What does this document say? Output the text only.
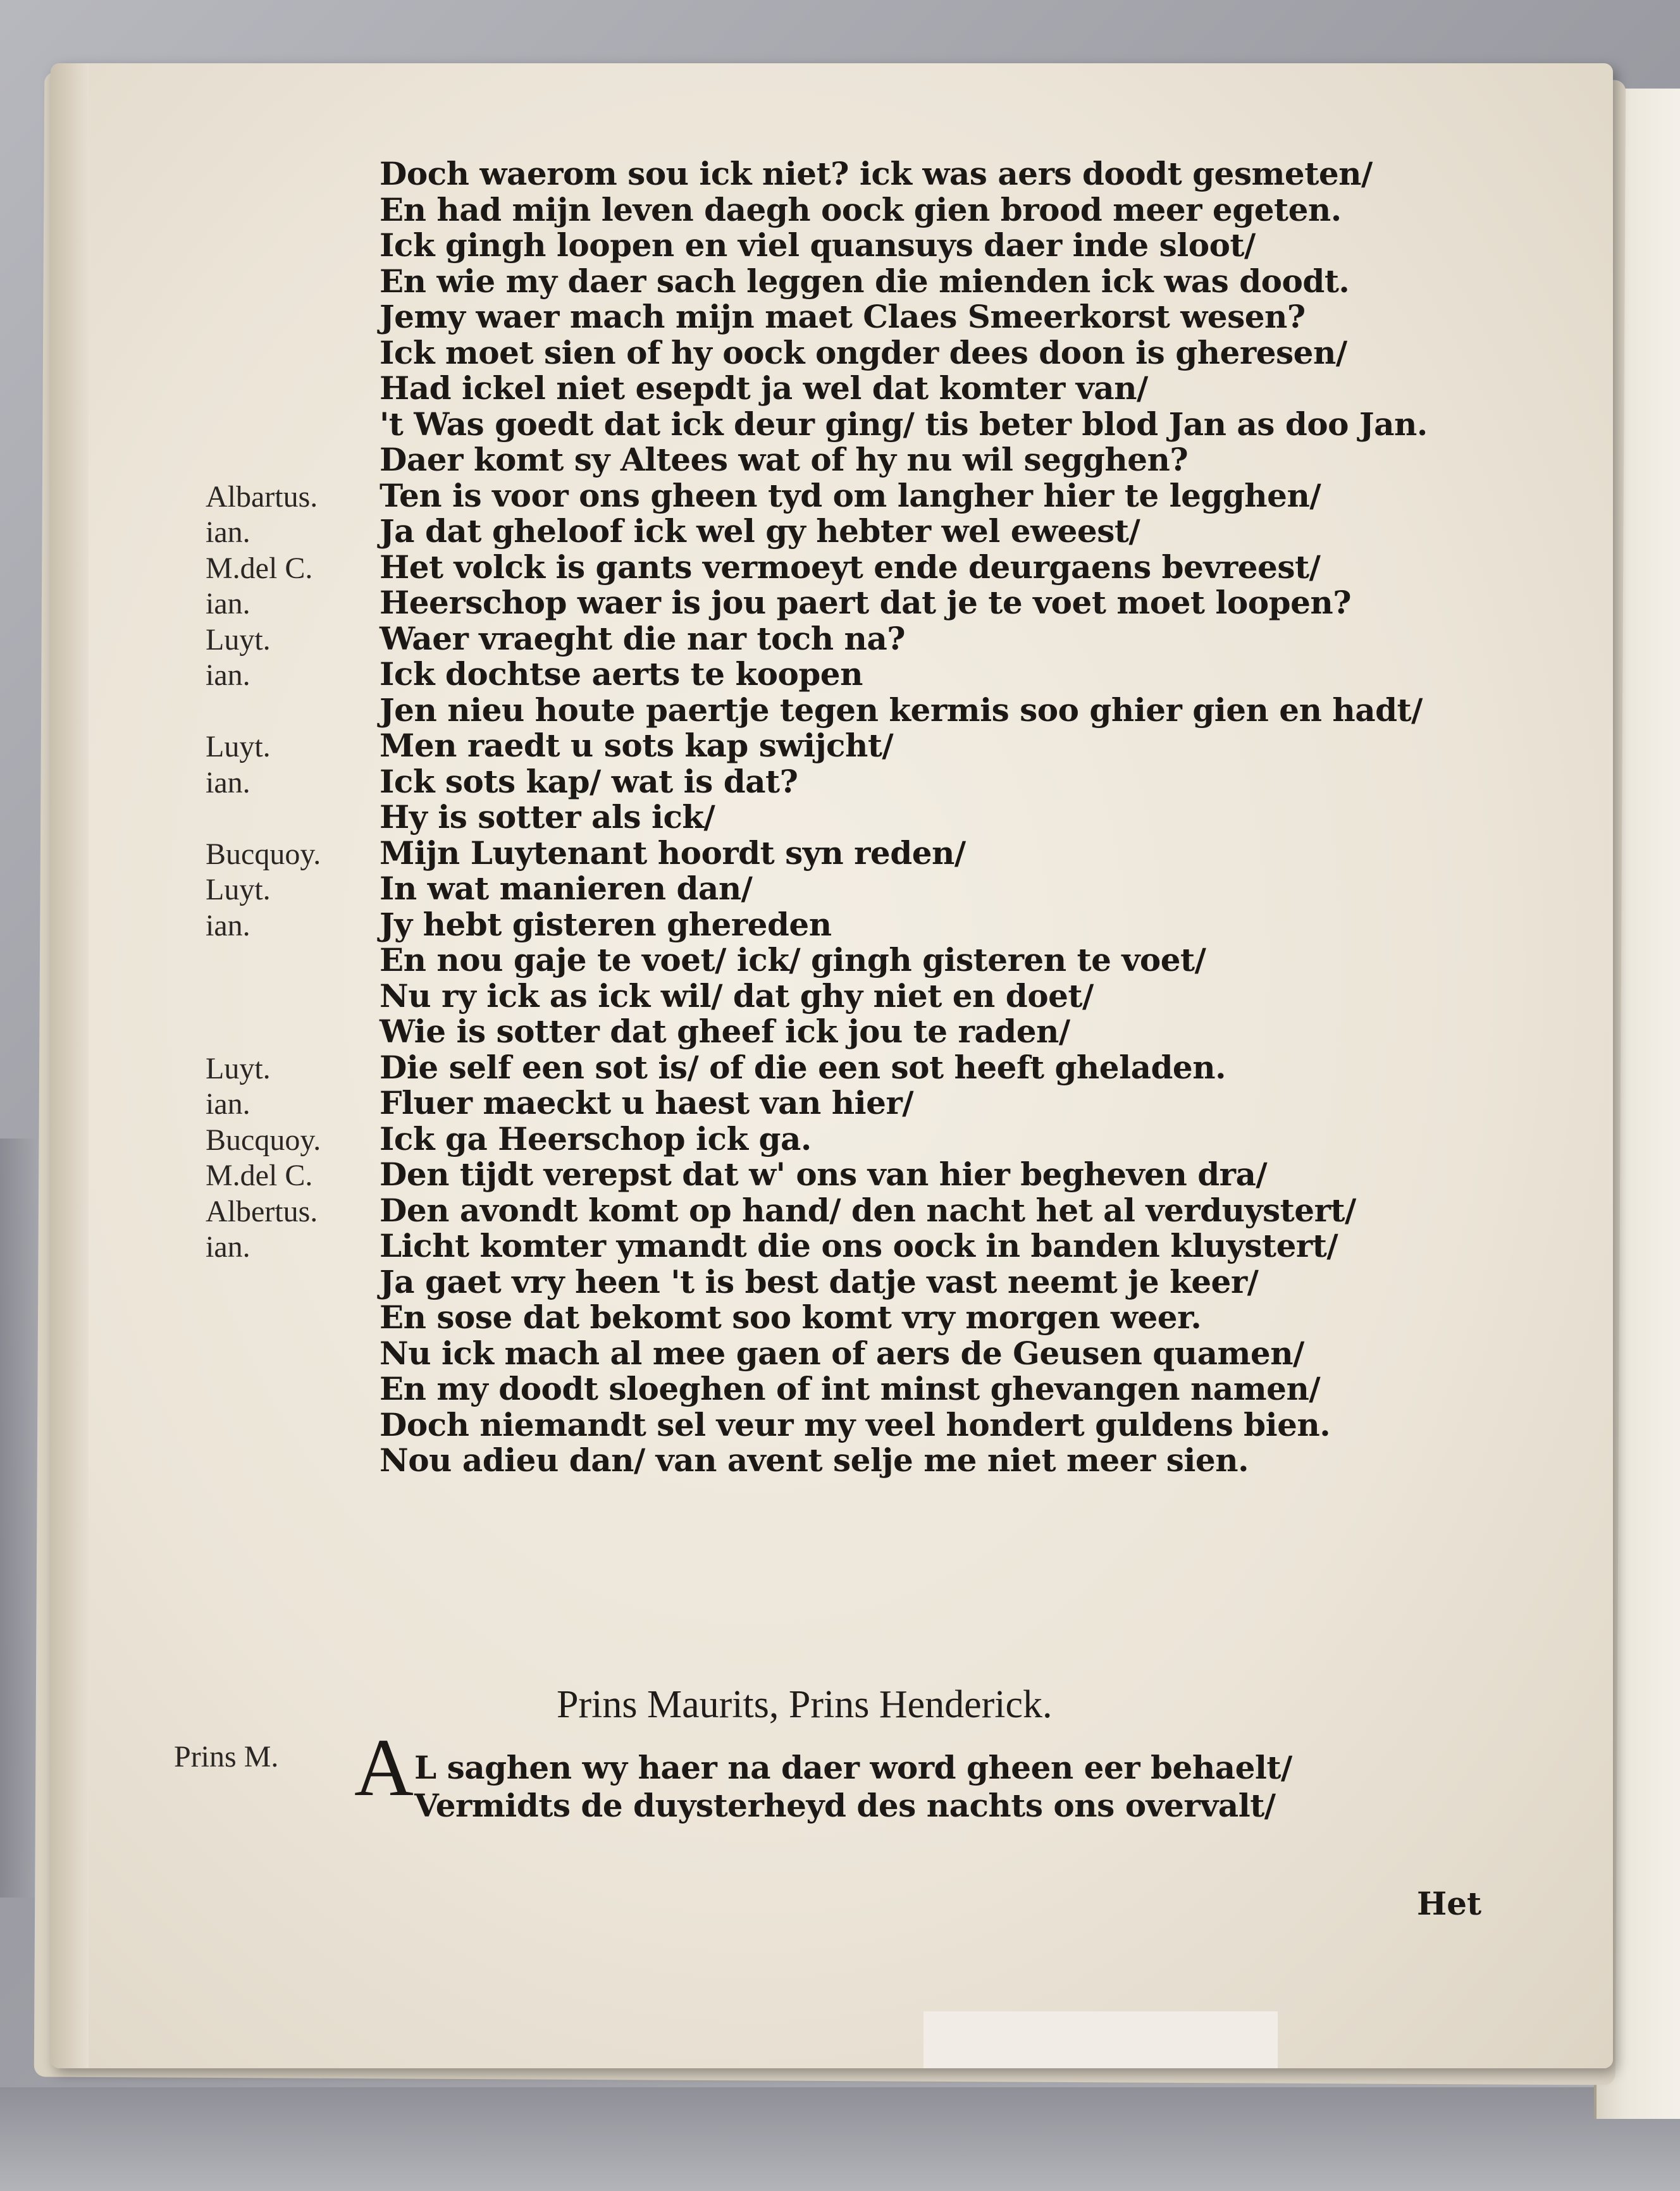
Doch waerom sou ick niet? ick was aers doodt gesmeten/
En had mijn leven daegh oock gien brood meer egeten.
Ick gingh loopen en viel quansuys daer inde sloot/
En wie my daer sach leggen die mienden ick was doodt.
Jemy waer mach mijn maet Claes Smeerkorst wesen?
Ick moet sien of hy oock ongder dees doon is gheresen/
Had ickel niet esepdt ja wel dat komter van/
't Was goedt dat ick deur ging/ tis beter blod Jan as doo Jan.
Daer komt sy Altees wat of hy nu wil segghen?
Albartus. Ten is voor ons gheen tyd om langher hier te legghen/
ian.	Ja dat gheloof ick wel gy hebter wel eweest/
M.del C. Het volck is gants vermoeyt ende deurgaens bevreest/
ian.	Heerschop waer is jou paert dat je te voet moet loopen?
Luyt.	Waer vraeght die nar toch na?
ian.	Ick dochtse aerts te koopen
Jen nieu houte paertje tegen kermis soo ghier gien en hadt/
Luyt.	Men raedt u sots kap swijcht/
ian.	Ick sots kap/ wat is dat?
Hy is sotter als ick/
Bucquoy. Mijn Luytenant hoordt syn reden/
Luyt.	In wat manieren dan/
ian.	Jy hebt gisteren ghereden
En nou gaje te voet/ ick/ gingh gisteren te voet/
Nu ry ick as ick wil/ dat ghy niet en doet/
Wie is sotter dat gheef ick jou te raden/
Luyt.	Die self een sot is/ of die een sot heeft gheladen.
ian.	Fluer maeckt u haest van hier/
Bucquoy. Ick ga Heerschop ick ga.
M.del C. Den tijdt verepst dat w' ons van hier begheven dra/
Albertus. Den avondt komt op hand/ den nacht het al verduystert/
ian.	Licht komter ymandt die ons oock in banden kluystert/
Ja gaet vry heen 't is best datje vast neemt je keer/
En sose dat bekomt soo komt vry morgen weer.
Nu ick mach al mee gaen of aers de Geusen quamen/
En my doodt sloeghen of int minst ghevangen namen/
Doch niemandt sel veur my veel hondert guldens bien.
Nou adieu dan/ van avent selje me niet meer sien.
Prins Maurits, Prins Henderick.
Prins M. A L saghen wy haer na daer word gheen eer behaelt/
Vermidts de duysterheyd des nachts ons overvalt/
Het
